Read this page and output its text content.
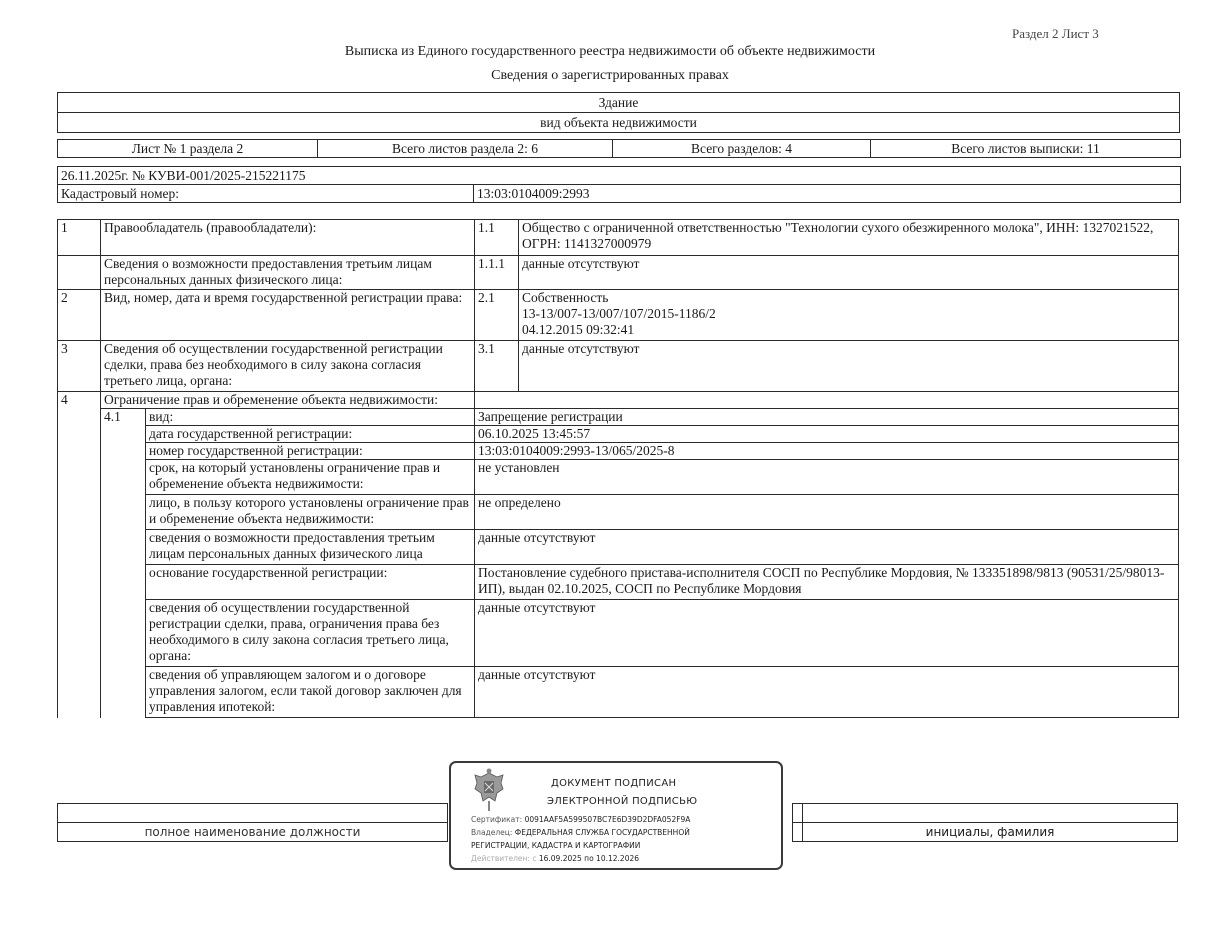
Раздел 2 Лист 3
Выписка из Единого государственного реестра недвижимости об объекте недвижимости
Сведения о зарегистрированных правах
Здание
вид объекта недвижимости
Лист № 1 раздела 2	Всего листов раздела 2: 6	Всего разделов: 4	Всего листов выписки: 11
26.11.2025г. № КУВИ-001/2025-215221175
Кадастровый номер:	13:03:0104009:2993
1	Правообладатель (правообладатели):		1.1	Общество с ограниченной ответственностью "Технологии сухого обезжиренного молока", ИНН: 1327021522, ОГРН: 1141327000979
	Сведения о возможности предоставления третьим лицам персональных данных физического лица:		1.1.1	данные отсутствуют
2	Вид, номер, дата и время государственной регистрации права:		2.1	Собственность
13-13/007-13/007/107/2015-1186/2
04.12.2015 09:32:41

3	Сведения об осуществлении государственной регистрации сделки, права без необходимого в силу закона согласия третьего лица, органа:		3.1	данные отсутствуют
4	Ограничение прав и обременение объекта недвижимости:			
	4.1	вид:	Запрещение регистрации	
		дата государственной регистрации:	06.10.2025 13:45:57	
		номер государственной регистрации:	13:03:0104009:2993-13/065/2025-8	
		срок, на который установлены ограничение прав и обременение объекта недвижимости:	не установлен	
		лицо, в пользу которого установлены ограничение прав и обременение объекта недвижимости:	не определено	
		сведения о возможности предоставления третьим лицам персональных данных физического лица	данные отсутствуют	
		основание государственной регистрации:	Постановление судебного пристава-исполнителя СОСП по Республике Мордовия, № 133351898/9813 (90531/25/98013-ИП), выдан 02.10.2025, СОСП по Республике Мордовия	
		сведения об осуществлении государственной регистрации сделки, права, ограничения права без необходимого в силу закона согласия третьего лица, органа:	данные отсутствуют	
		сведения об управляющем залогом и о договоре управления залогом, если такой договор заключен для управления ипотекой:	данные отсутствуют	

полное наименование должности			инициалы, фамилия
ДОКУМЕНТ ПОДПИСАН
ЭЛЕКТРОННОЙ ПОДПИСЬЮ
Сертификат: 0091AAF5A599507BC7E6D39D2DFA052F9A
Владелец: ФЕДЕРАЛЬНАЯ СЛУЖБА ГОСУДАРСТВЕННОЙ
РЕГИСТРАЦИИ, КАДАСТРА И КАРТОГРАФИИ
Действителен: с 16.09.2025 по 10.12.2026
